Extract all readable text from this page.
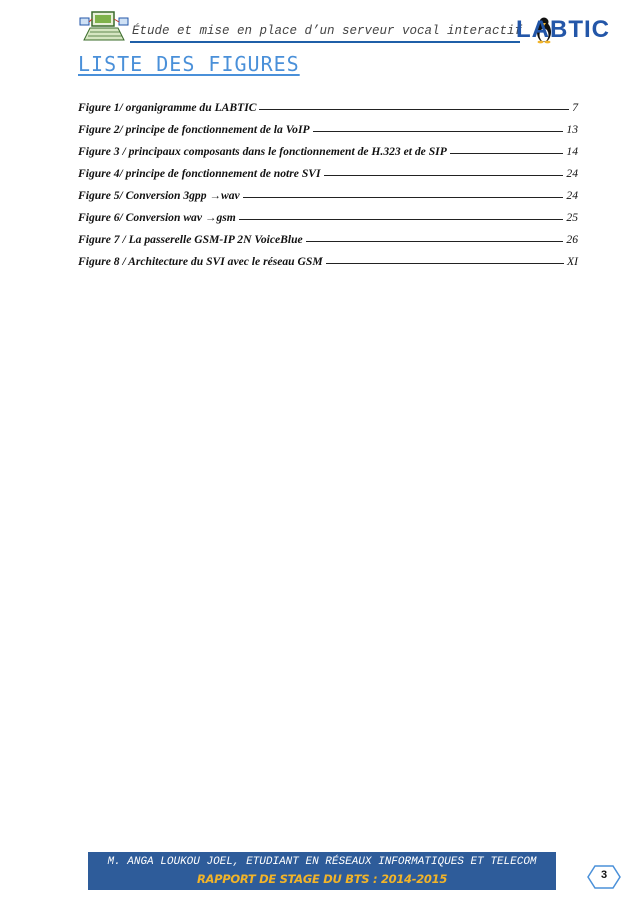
Étude et mise en place d’un serveur vocal interactif
LABTIC
LISTE DES FIGURES
Figure 1/ organigramme du LABTIC	7
Figure 2/ principe de fonctionnement de la VoIP	13
Figure 3 / principaux composants dans le fonctionnement de H.323 et de SIP	14
Figure 4/ principe de fonctionnement de notre SVI	24
Figure 5/ Conversion 3gpp →wav	24
Figure 6/ Conversion wav →gsm	25
Figure 7 / La passerelle GSM-IP 2N VoiceBlue	26
Figure 8 / Architecture du SVI avec le réseau GSM	XI
M. ANGA LOUKOU JOEL, ETUDIANT EN RÉSEAUX INFORMATIQUES ET TELECOM
RAPPORT DE STAGE DU BTS : 2014-2015	3
